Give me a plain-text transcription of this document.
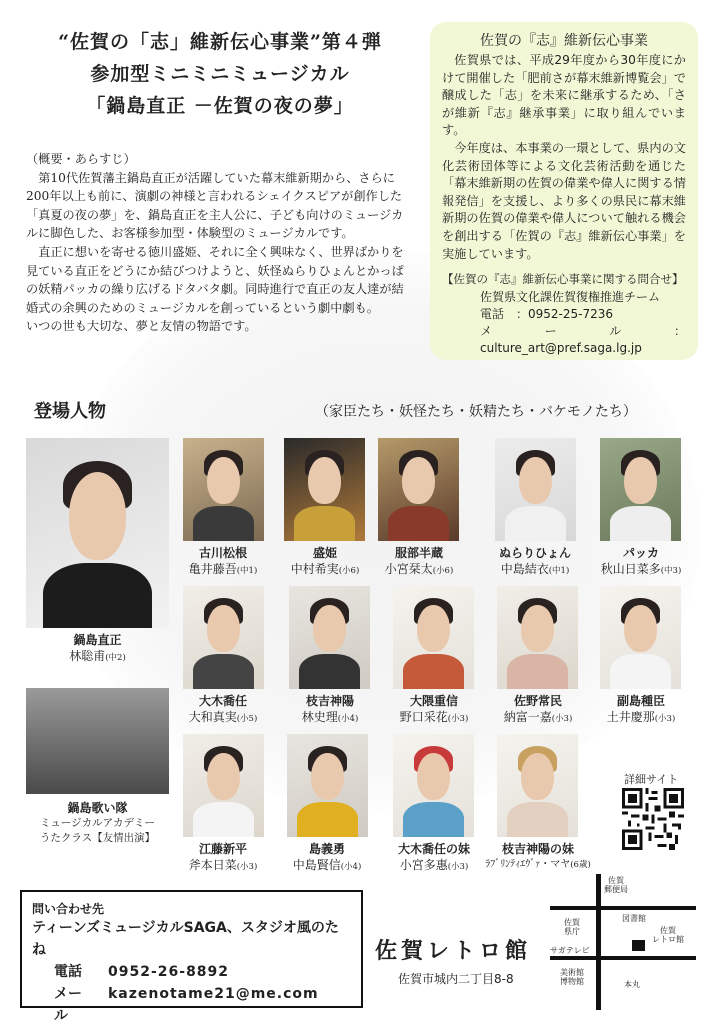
“佐賀の「志」維新伝心事業”第４弾
参加型ミニミニミュージカル
「鍋島直正 －佐賀の夜の夢」

（概要・あらすじ）

第10代佐賀藩主鍋島直正が活躍していた幕末維新期から、さらに200年以上も前に、演劇の神様と言われるシェイクスピアが創作した「真夏の夜の夢」を、鍋島直正を主人公に、子ども向けのミュージカルに脚色した、お客様参加型・体験型のミュージカルです。

直正に想いを寄せる徳川盛姫、それに全く興味なく、世界ばかりを見ている直正をどうにか結びつけようと、妖怪ぬらりひょんとかっぱの妖精パッカの繰り広げるドタバタ劇。同時進行で直正の友人達が結婚式の余興のためのミュージカルを創っているという劇中劇も。

いつの世も大切な、夢と友情の物語です。

佐賀の『志』維新伝心事業

佐賀県では、平成29年度から30年度にかけて開催した「肥前さが幕末維新博覧会」で醸成した「志」を未来に継承するため、「さが維新『志』継承事業」に取り組んでいます。

今年度は、本事業の一環として、県内の文化芸術団体等による文化芸術活動を通じた「幕末維新期の佐賀の偉業や偉人に関する情報発信」を支援し、より多くの県民に幕末維新期の佐賀の偉業や偉人について触れる機会を創出する「佐賀の『志』維新伝心事業」を実施しています。

【佐賀の『志』維新伝心事業に関する問合せ】

佐賀県文化課佐賀復権推進チーム

電話　：0952-25-7236

メール：culture_art@pref.saga.lg.jp

登場人物	（家臣たち・妖怪たち・妖精たち・バケモノたち）
鍋島直正
林聡甫(中2)
鍋島歌い隊
ミュージカルアカデミー
うたクラス【友情出演】
古川松根
亀井藤吾(中1)
盛姫
中村希実(小6)
服部半蔵
小宮栞太(小6)
ぬらりひょん
中島結衣(中1)
パッカ
秋山日菜多(中3)
大木喬任
大和真実(小5)
枝吉神陽
林史理(小4)
大隈重信
野口采花(小3)
佐野常民
納富一嘉(小3)
副島種臣
土井慶那(小3)
江藤新平
斧本日菜(小3)
島義勇
中島賢信(小4)
大木喬任の妹
小宮多惠(小3)
枝吉神陽の妹
ﾗﾌﾞﾘﾝﾃｨｴｳﾞｧ・マヤ(6歳)
詳細サイト
問い合わせ先
ティーンズミュージカルSAGA、スタジオ風のたね
電話	0952-26-8892
メール
kazenotame21@me.com
佐賀レトロ館
佐賀市城内二丁目8-8
佐賀
郵便局
佐賀
県庁
図書館
佐賀
レトロ館
サガテレビ
美術館
博物館	本丸
